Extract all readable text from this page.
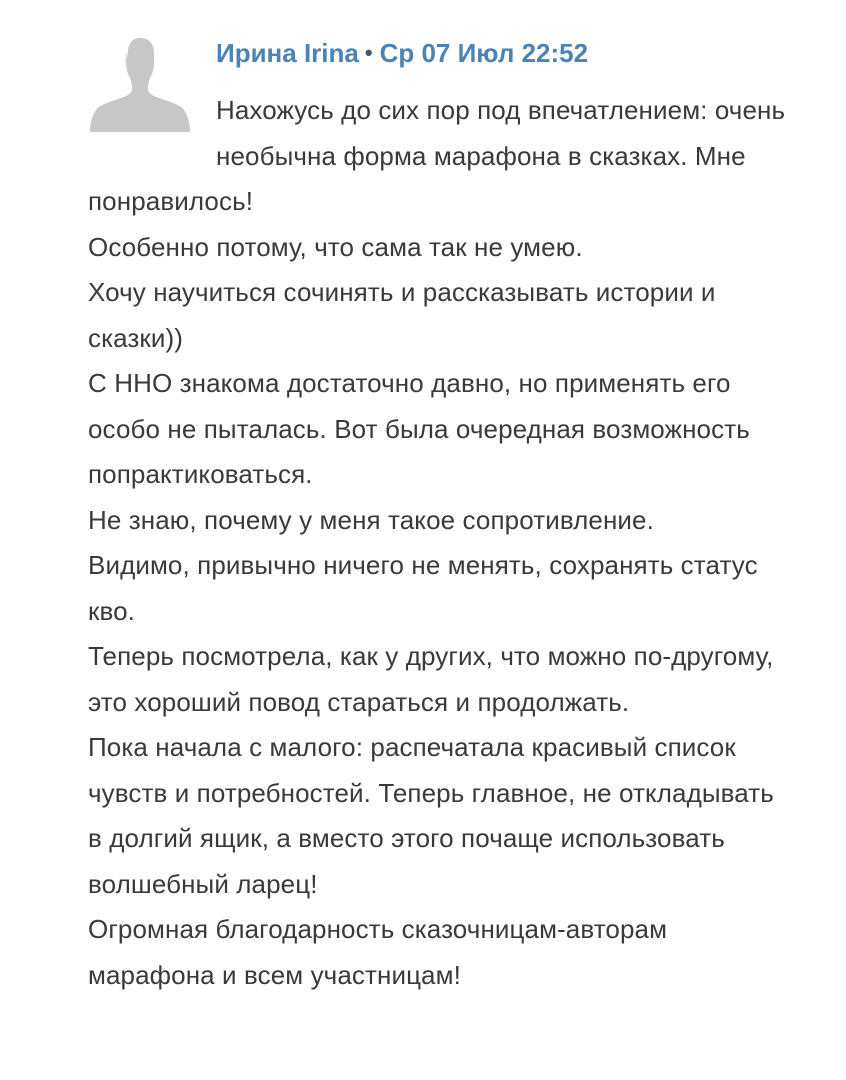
Ирина Irina • Ср 07 Июл 22:52

Нахожусь до сих пор под впечатлением: очень необычна форма марафона в сказках. Мне понравилось!

Особенно потому, что сама так не умею.

Хочу научиться сочинять и рассказывать истории и сказки))

С ННО знакома достаточно давно, но применять его особо не пыталась. Вот была очередная возможность попрактиковаться.

Не знаю, почему у меня такое сопротивление.

Видимо, привычно ничего не менять, сохранять статус кво.

Теперь посмотрела, как у других, что можно по-другому, это хороший повод стараться и продолжать.

Пока начала с малого: распечатала красивый список чувств и потребностей. Теперь главное, не откладывать в долгий ящик, а вместо этого почаще использовать волшебный ларец!

Огромная благодарность сказочницам-авторам марафона и всем участницам!
